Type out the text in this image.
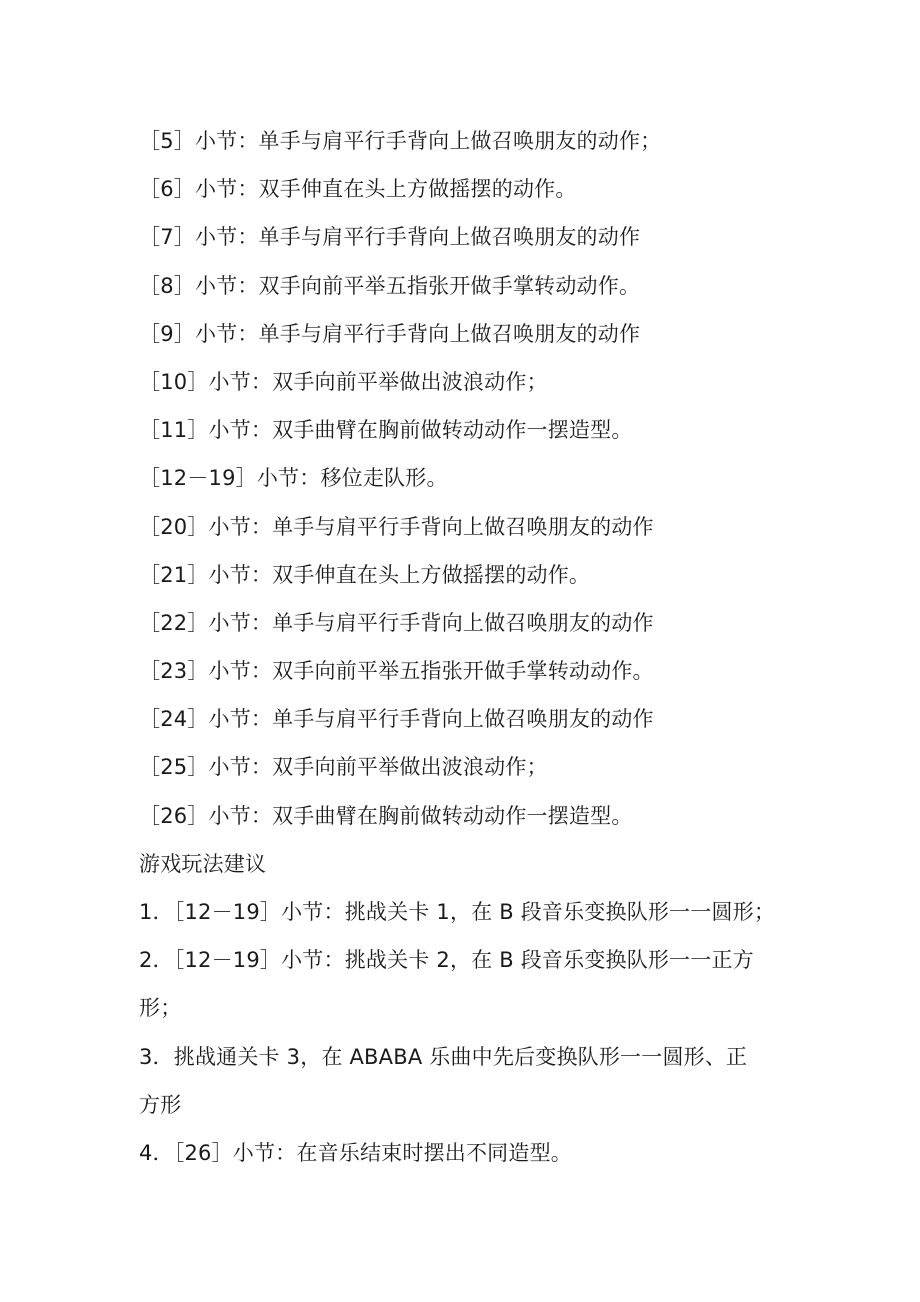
［5］小节：单手与肩平行手背向上做召唤朋友的动作；
［6］小节：双手伸直在头上方做摇摆的动作。
［7］小节：单手与肩平行手背向上做召唤朋友的动作
［8］小节：双手向前平举五指张开做手掌转动动作。
［9］小节：单手与肩平行手背向上做召唤朋友的动作
［10］小节：双手向前平举做出波浪动作；
［11］小节：双手曲臂在胸前做转动动作一摆造型。
［12－19］小节：移位走队形。
［20］小节：单手与肩平行手背向上做召唤朋友的动作
［21］小节：双手伸直在头上方做摇摆的动作。
［22］小节：单手与肩平行手背向上做召唤朋友的动作
［23］小节：双手向前平举五指张开做手掌转动动作。
［24］小节：单手与肩平行手背向上做召唤朋友的动作
［25］小节：双手向前平举做出波浪动作；
［26］小节：双手曲臂在胸前做转动动作一摆造型。
游戏玩法建议
1．［12－19］小节：挑战关卡 1，在 B 段音乐变换队形一一圆形；
2．［12－19］小节：挑战关卡 2，在 B 段音乐变换队形一一正方
形；
3．挑战通关卡 3，在 ABABA 乐曲中先后变换队形一一圆形、正
方形
4．［26］小节：在音乐结束时摆出不同造型。
